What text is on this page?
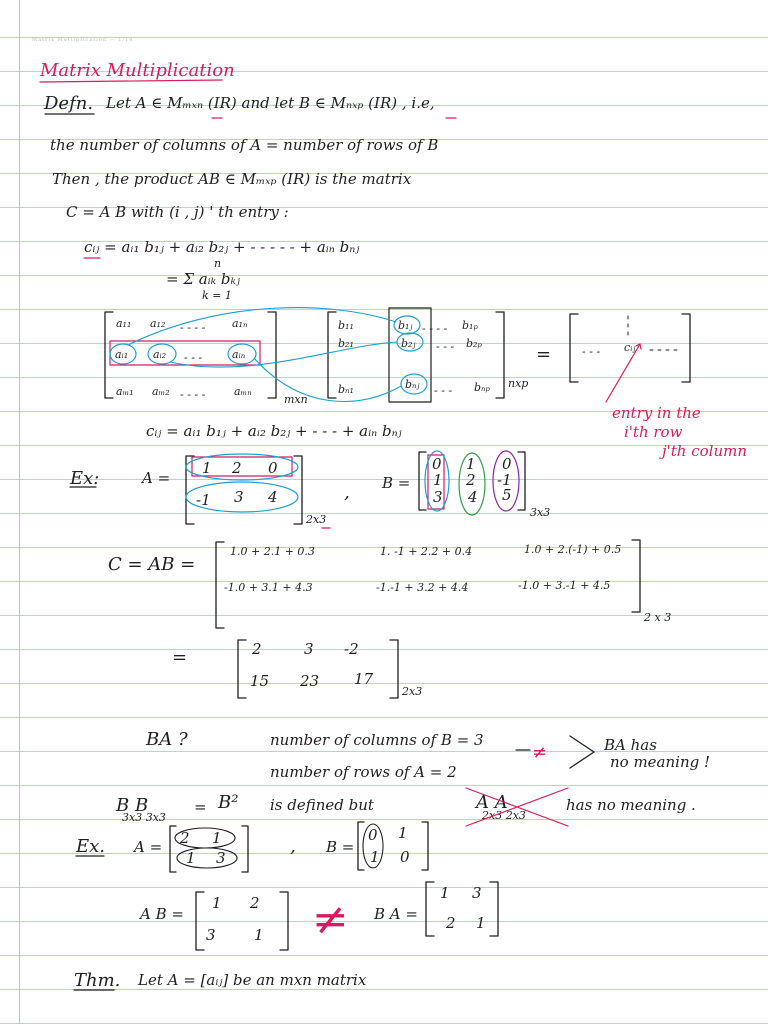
Matrix Multiplication — 1/14
Matrix Multiplication
Defn. Let A ∈ Mₘₓₙ (IR) and let B ∈ Mₙₓₚ (IR) , i.e,
the number of columns of A = number of rows of B
Then , the product AB ∈ Mₘₓₚ (IR) is the matrix
C = A B with (i , j) ' th entry :
cᵢⱼ = aᵢ₁ b₁ⱼ + aᵢ₂ b₂ⱼ + - - - - - + aᵢₙ bₙⱼ
n
= Σ aᵢₖ bₖⱼ
k = 1
a₁₁ a₁₂ - - - - a₁ₙ
aᵢ₁ aᵢ₂ - - -	aᵢₙ
aₘ₁ aₘ₂ - - - -	aₘₙ
mxn
b₁₁	b₁ⱼ - - - - b₁ₚ
b₂₁	b₂ⱼ - - - b₂ₚ
bₙ₁	bₙⱼ - - - bₙₚ nxp
=	- - - cᵢⱼ
entry in the
i'th row
j'th column
cᵢⱼ = aᵢ₁ b₁ⱼ + aᵢ₂ b₂ⱼ + - - - + aᵢₙ bₙⱼ
Ex:	A =
1 2 0
-1 3 4
2x3
, B =
0 1 0
1 2 -1
3 4 5
3x3
C = AB =
1.0 + 2.1 + 0.3	1. -1 + 2.2 + 0.4	1.0 + 2.(-1) + 0.5
-1.0 + 3.1 + 4.3	-1.-1 + 3.2 + 4.4	-1.0 + 3.-1 + 4.5
2 x 3
=	2	3 -2
15 23 17
2x3
BA ?	number of columns of B = 3
≠
number of rows of A = 2
BA has
no meaning !
B B
3x3 3x3
= B² is defined but	A A
2x3 2x3
has no meaning .
Ex. A = 2 1
1 3
, B =
0 1
1 0
A B =
1 2
3	1 ≠ B A =
1 3
2 1
Thm. Let A = [aᵢⱼ] be an mxn matrix
